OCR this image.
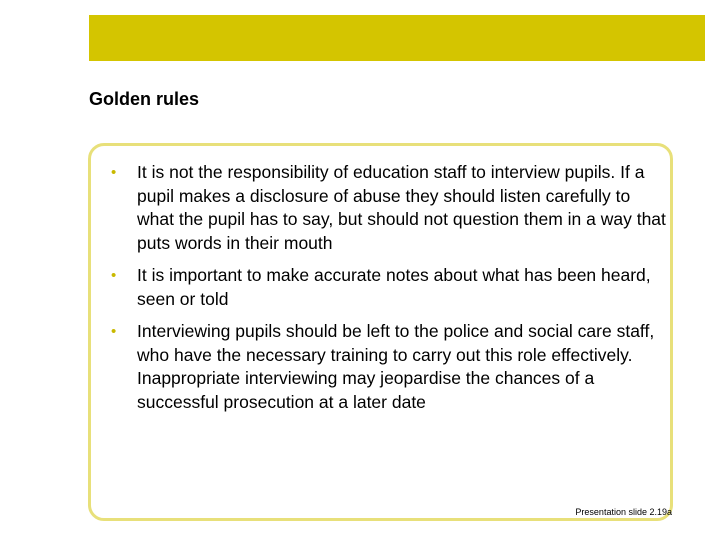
Golden rules
• It is not the responsibility of education staff to interview pupils. If a pupil makes a disclosure of abuse they should listen carefully to what the pupil has to say, but should not question them in a way that puts words in their mouth
• It is important to make accurate notes about what has been heard, seen or told
• Interviewing pupils should be left to the police and social care staff, who have the necessary training to carry out this role effectively. Inappropriate interviewing may jeopardise the chances of a successful prosecution at a later date
Presentation slide 2.19a
